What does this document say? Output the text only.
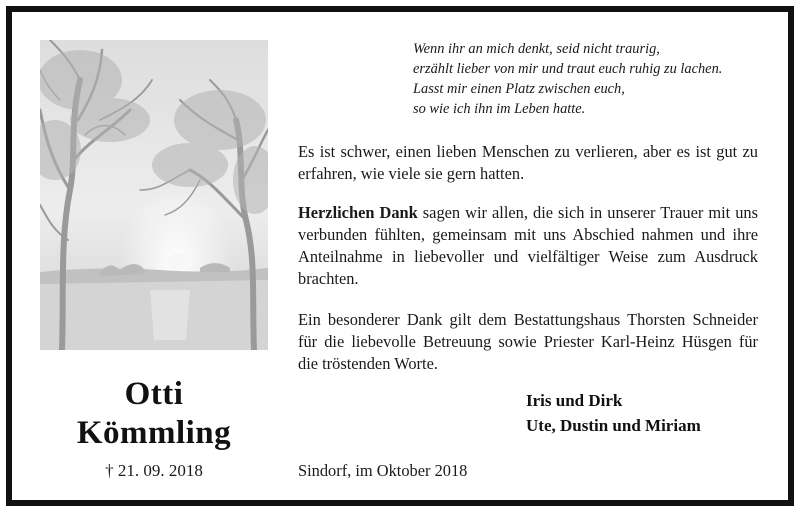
Otti
Kömmling
† 21. 09. 2018
Wenn ihr an mich denkt, seid nicht traurig,
erzählt lieber von mir und traut euch ruhig zu lachen.
Lasst mir einen Platz zwischen euch,
so wie ich ihn im Leben hatte.
Es ist schwer, einen lieben Menschen zu verlieren, aber es ist gut zu erfahren, wie viele sie gern hatten.
Herzlichen Dank sagen wir allen, die sich in unserer Trauer mit uns verbunden fühlten, gemeinsam mit uns Abschied nahmen und ihre Anteilnahme in liebevoller und vielfältiger Weise zum Ausdruck brachten.
Ein besonderer Dank gilt dem Bestattungshaus Thorsten Schneider für die liebevolle Betreuung sowie Priester Karl-Heinz Hüsgen für die tröstenden Worte.
Iris und Dirk
Ute, Dustin und Miriam
Sindorf, im Oktober 2018
